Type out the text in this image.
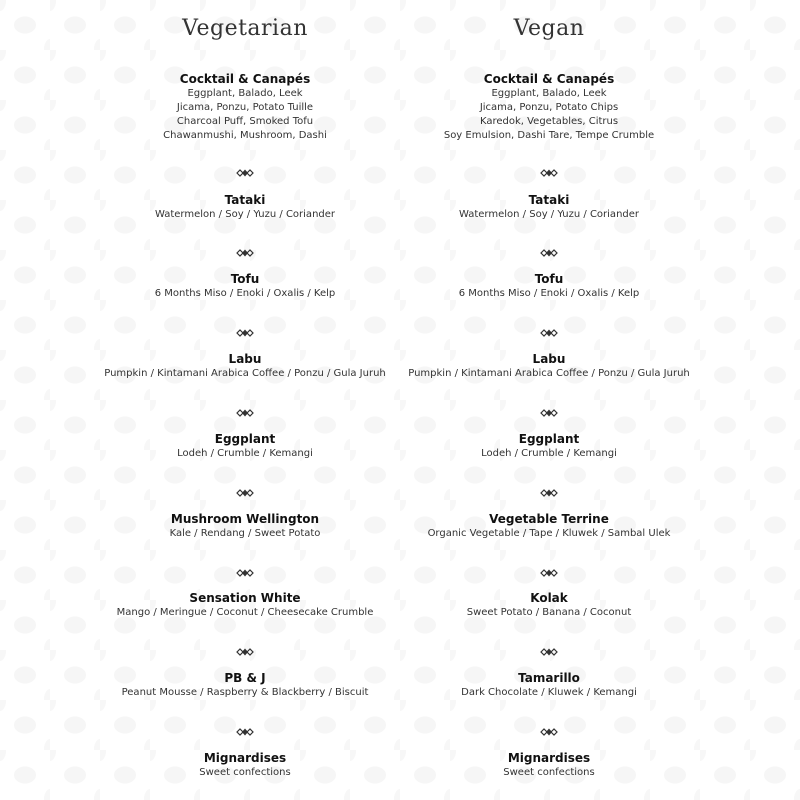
Vegetarian
Cocktail & Canapés
Eggplant, Balado, Leek
Jicama, Ponzu, Potato Tuille
Charcoal Puff, Smoked Tofu
Chawanmushi, Mushroom, Dashi
Tataki
Watermelon / Soy / Yuzu / Coriander
Tofu
6 Months Miso / Enoki / Oxalis / Kelp
Labu
Pumpkin / Kintamani Arabica Coffee / Ponzu / Gula Juruh
Eggplant
Lodeh / Crumble / Kemangi
Mushroom Wellington
Kale / Rendang / Sweet Potato
Sensation White
Mango / Meringue / Coconut / Cheesecake Crumble
PB & J
Peanut Mousse / Raspberry & Blackberry / Biscuit
Mignardises
Sweet confections
Vegan
Cocktail & Canapés
Eggplant, Balado, Leek
Jicama, Ponzu, Potato Chips
Karedok, Vegetables, Citrus
Soy Emulsion, Dashi Tare, Tempe Crumble
Tataki
Watermelon / Soy / Yuzu / Coriander
Tofu
6 Months Miso / Enoki / Oxalis / Kelp
Labu
Pumpkin / Kintamani Arabica Coffee / Ponzu / Gula Juruh
Eggplant
Lodeh / Crumble / Kemangi
Vegetable Terrine
Organic Vegetable / Tape / Kluwek / Sambal Ulek
Kolak
Sweet Potato / Banana / Coconut
Tamarillo
Dark Chocolate / Kluwek / Kemangi
Mignardises
Sweet confections
